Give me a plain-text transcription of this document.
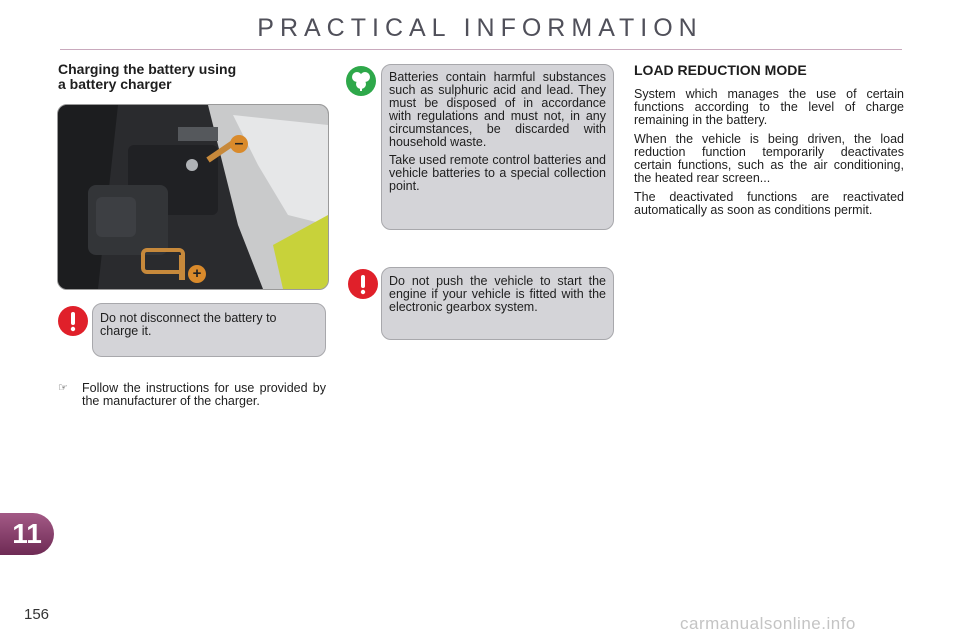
PRACTICAL INFORMATION
Charging the battery using
a battery charger
–
+
Do not disconnect the battery to charge it.
☞ Follow the instructions for use provided by the manufacturer of the charger.

Batteries contain harmful substances such as sulphuric acid and lead. They must be disposed of in accordance with regulations and must not, in any circumstances, be discarded with household waste.

Take used remote control batteries and vehicle batteries to a special collection point.

Do not push the vehicle to start the engine if your vehicle is fitted with the electronic gearbox system.
LOAD REDUCTION MODE

System which manages the use of certain functions according to the level of charge remaining in the battery.

When the vehicle is being driven, the load reduction function temporarily deactivates certain functions, such as the air conditioning, the heated rear screen...

The deactivated functions are reactivated automatically as soon as conditions permit.

11
156	carmanualsonline.info
